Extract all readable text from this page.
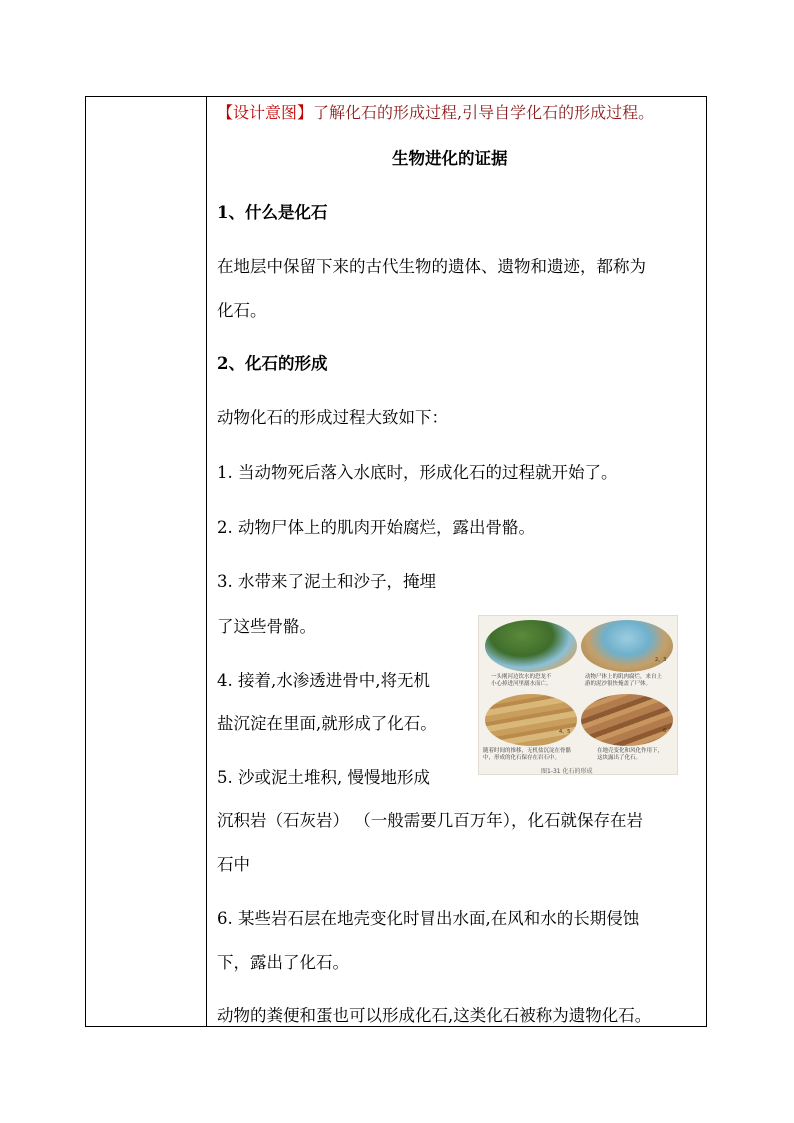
【设计意图】了解化石的形成过程,引导自学化石的形成过程。
生物进化的证据
1、什么是化石
在地层中保留下来的古代生物的遗体、遗物和遗迹，都称为
化石。
2、化石的形成
动物化石的形成过程大致如下：
1. 当动物死后落入水底时，形成化石的过程就开始了。
2. 动物尸体上的肌肉开始腐烂，露出骨骼。
3. 水带来了泥土和沙子，掩埋
了这些骨骼。
4. 接着,水渗透进骨中,将无机
盐沉淀在里面,就形成了化石。
5. 沙或泥土堆积, 慢慢地形成
沉积岩（石灰岩） （一般需要几百万年），化石就保存在岩
石中
6. 某些岩石层在地壳变化时冒出水面,在风和水的长期侵蚀
下，露出了化石。
动物的粪便和蛋也可以形成化石,这类化石被称为遗物化石。
2、3
4、5	6
一头刚河边饮水的恐龙不
小心掉进河里溺水而亡。
动物尸体上的肌肉腐烂，来自上
游的泥沙很快掩盖了尸体。
随着时间的推移，无机盐沉淀在骨骼
中，形成的化石保存在岩石中。
在地壳变化和风化作用下，
这块露出了化石。
图1-31 化石的形成
